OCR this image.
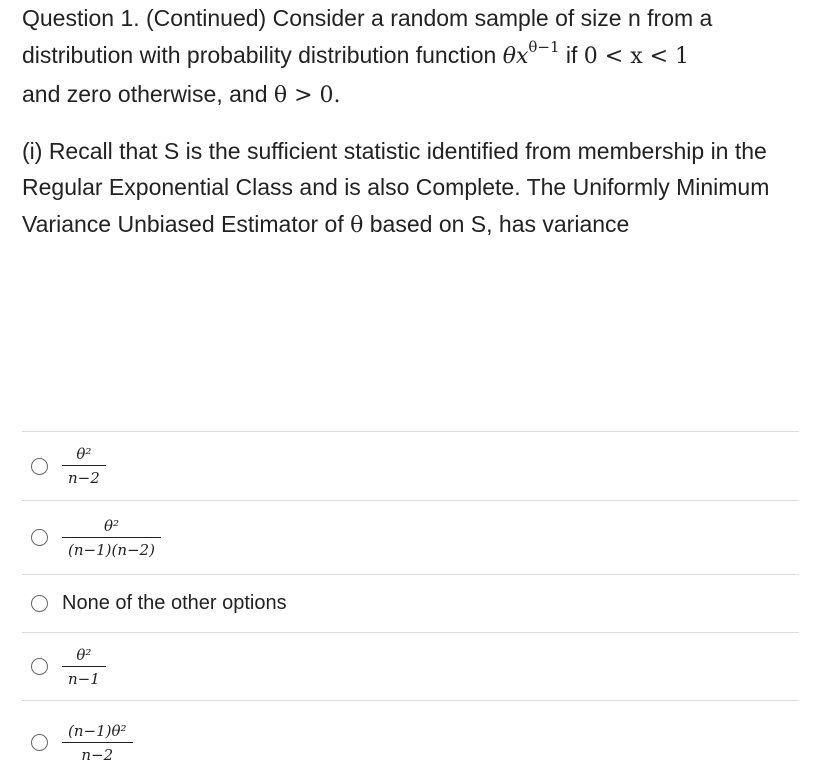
Question 1. (Continued) Consider a random sample of size n from a

distribution with probability distribution function $\theta x^{\theta-1}$ if 0 < x < 1

and zero otherwise, and θ > 0.

(i) Recall that S is the sufficient statistic identified from membership in the Regular Exponential Class and is also Complete. The Uniformly Minimum Variance Unbiased Estimator of θ based on S, has variance

$\frac{\text{θ²}}{n-2}$
$\frac{\text{θ²}}{(n-1)(n-2)}$
None of the other options
$\frac{\text{θ²}}{n-1}$
$\frac{\text{(n−1)θ²}}{n-2}$
